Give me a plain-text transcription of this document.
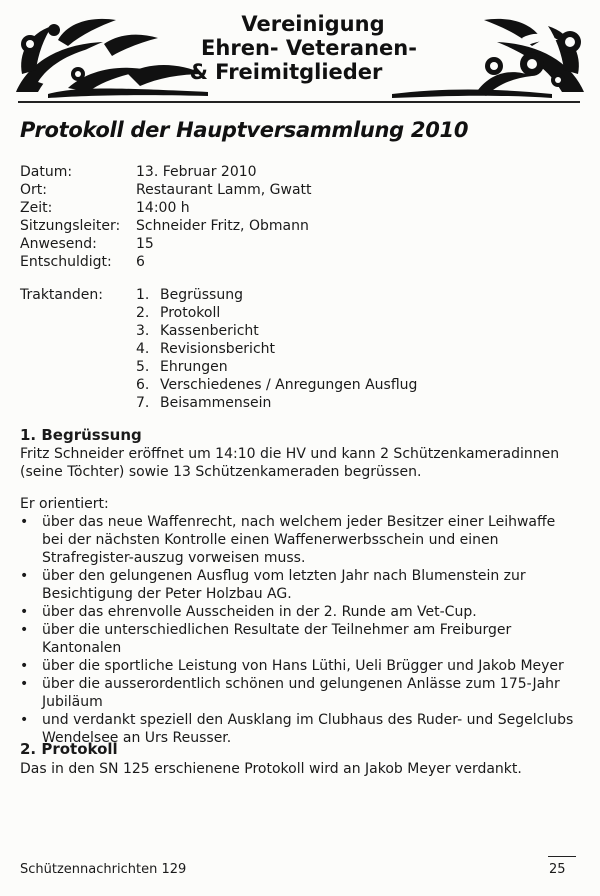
Vereinigung
Ehren- Veteranen-
& Freimitglieder
Protokoll der Hauptversammlung 2010
Datum:	13. Februar 2010
Ort:	Restaurant Lamm, Gwatt
Zeit:	14:00 h
Sitzungsleiter:	Schneider Fritz, Obmann
Anwesend:	15
Entschuldigt:	6
Traktanden:	1. Begrüssung
2. Protokoll
3. Kassenbericht
4. Revisionsbericht
5. Ehrungen
6. Verschiedenes / Anregungen Ausflug
7. Beisammensein
1. Begrüssung
Fritz Schneider eröffnet um 14:10 die HV und kann 2 Schützenkameradinnen (seine Töchter) sowie 13 Schützenkameraden begrüssen.
Er orientiert:
• über das neue Waffenrecht, nach welchem jeder Besitzer einer Leihwaffe bei der nächsten Kontrolle einen Waffenerwerbsschein und einen Strafregister-auszug vorweisen muss.
• über den gelungenen Ausflug vom letzten Jahr nach Blumenstein zur Besichtigung der Peter Holzbau AG.
• über das ehrenvolle Ausscheiden in der 2. Runde am Vet-Cup.
• über die unterschiedlichen Resultate der Teilnehmer am Freiburger Kantonalen
• über die sportliche Leistung von Hans Lüthi, Ueli Brügger und Jakob Meyer
• über die ausserordentlich schönen und gelungenen Anlässe zum 175-Jahr Jubiläum
• und verdankt speziell den Ausklang im Clubhaus des Ruder- und Segelclubs Wendelsee an Urs Reusser.
2. Protokoll
Das in den SN 125 erschienene Protokoll wird an Jakob Meyer verdankt.
Schützennachrichten 129	25
